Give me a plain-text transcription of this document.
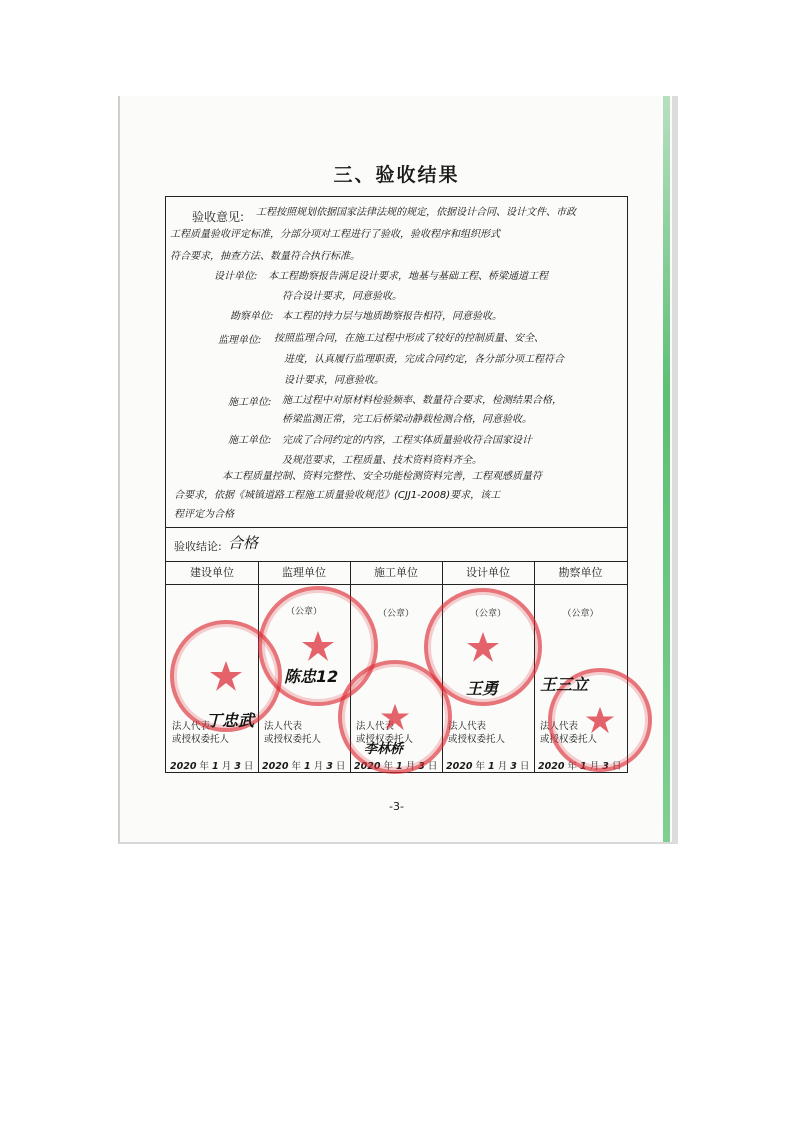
三、验收结果
验收意见: 工程按照规划依据国家法律法规的规定，依据设计合同、设计文件、市政
工程质量验收评定标准，分部分项对工程进行了验收，验收程序和组织形式
符合要求，抽查方法、数量符合执行标准。
设计单位: 本工程勘察报告满足设计要求，地基与基础工程、桥梁通道工程
符合设计要求，同意验收。
勘察单位: 本工程的持力层与地质勘察报告相符，同意验收。
监理单位: 按照监理合同，在施工过程中形成了较好的控制质量、安全、
进度，认真履行监理职责，完成合同约定，各分部分项工程符合
设计要求，同意验收。
施工单位: 施工过程中对原材料检验频率、数量符合要求，检测结果合格，
桥梁监测正常，完工后桥梁动静载检测合格，同意验收。
施工单位: 完成了合同约定的内容，工程实体质量验收符合国家设计
及规范要求，工程质量、技术资料资料齐全。
本工程质量控制、资料完整性、安全功能检测资料完善，工程观感质量符
合要求，依据《城镇道路工程施工质量验收规范》(CJJ1-2008)要求，该工
程评定为合格
验收结论: 合格
建设单位
法人代表
或授权委托人
2020 年 1 月 3 日
监理单位
（公章）
法人代表
或授权委托人
2020 年 1 月 3 日
施工单位
（公章）
法人代表
或授权委托人
2020 年 1 月 3 日
设计单位
（公章）
法人代表
或授权委托人
2020 年 1 月 3 日
勘察单位
（公章）
法人代表
或授权委托人
2020 年 1 月 3 日
丁忠武
陈忠12
李林桥
王勇	王三立
-3-
